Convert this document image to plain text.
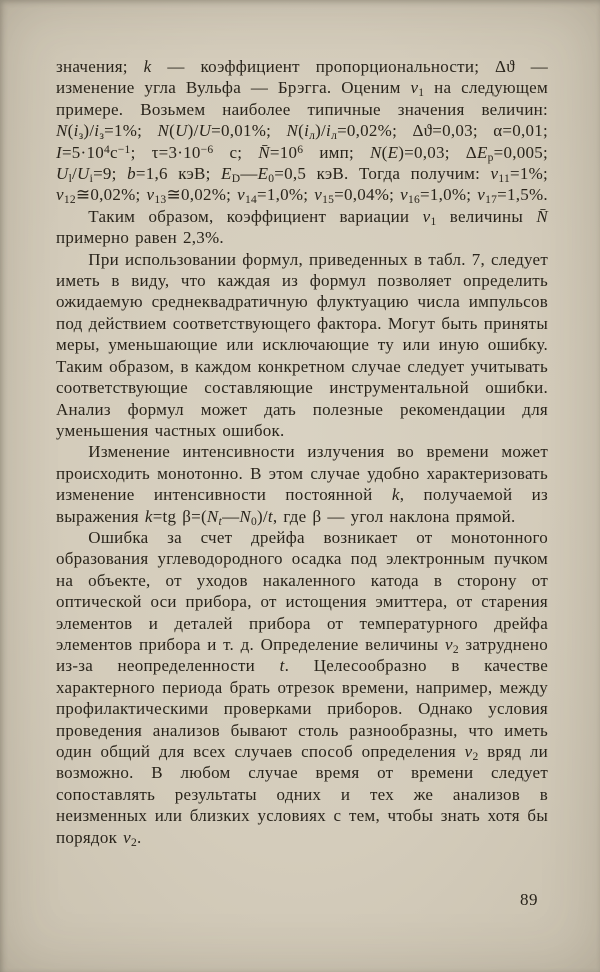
значения; k — коэффициент пропорциональности; Δϑ — изменение угла Вульфа — Брэгга. Оценим $v_1$ на следующем примере. Возьмем наиболее типичные значения величин: $N(i_з)/i_з=1\%$; N(U)/U=0,01%; $N(i_л)/i_л=0,02\%$; Δϑ=0,03; α=0,01; $I=5\cdot 10^4с^{-1}$; $\tau=3\cdot 10^{-6}$ с; $N̄=10^6$ имп; N(E)=0,03; $\Delta E_р=0,005$; $U_l/U_i=9$; b=1,6 кэВ; $E_D—E_0=0,5$ кэВ. Тогда получим: $v_{11}=1\%$; $v_{12}≅0,02\%$; $v_{13}≅0,02\%$; $v_{14}=1,0\%$; $v_{15}=0,04\%$; $v_{16}=1,0\%$; $v_{17}=1,5\%$.

Таким образом, коэффициент вариации $v_1$ величины N̄ примерно равен 2,3%.

При использовании формул, приведенных в табл. 7, следует иметь в виду, что каждая из формул позволяет определить ожидаемую среднеквадратичную флуктуацию числа импульсов под действием соответствующего фактора. Могут быть приняты меры, уменьшающие или исключающие ту или иную ошибку. Таким образом, в каждом конкретном случае следует учитывать соответствующие составляющие инструментальной ошибки. Анализ формул может дать полезные рекомендации для уменьшения частных ошибок.

Изменение интенсивности излучения во времени может происходить монотонно. В этом случае удобно характеризовать изменение интенсивности постоянной k, получаемой из выражения k=tg $\beta=(N_t—N_0)/t$, где β — угол наклона прямой.

Ошибка за счет дрейфа возникает от монотонного образования углеводородного осадка под электронным пучком на объекте, от уходов накаленного катода в сторону от оптической оси прибора, от истощения эмиттера, от старения элементов и деталей прибора от температурного дрейфа элементов прибора и т. д. Определение величины $v_2$ затруднено из-за неопределенности t. Целесообразно в качестве характерного периода брать отрезок времени, например, между профилактическими проверками приборов. Однако условия проведения анализов бывают столь разнообразны, что иметь один общий для всех случаев способ определения $v_2$ вряд ли возможно. В любом случае время от времени следует сопоставлять результаты одних и тех же анализов в неизменных или близких условиях с тем, чтобы знать хотя бы порядок $v_2$.

89
